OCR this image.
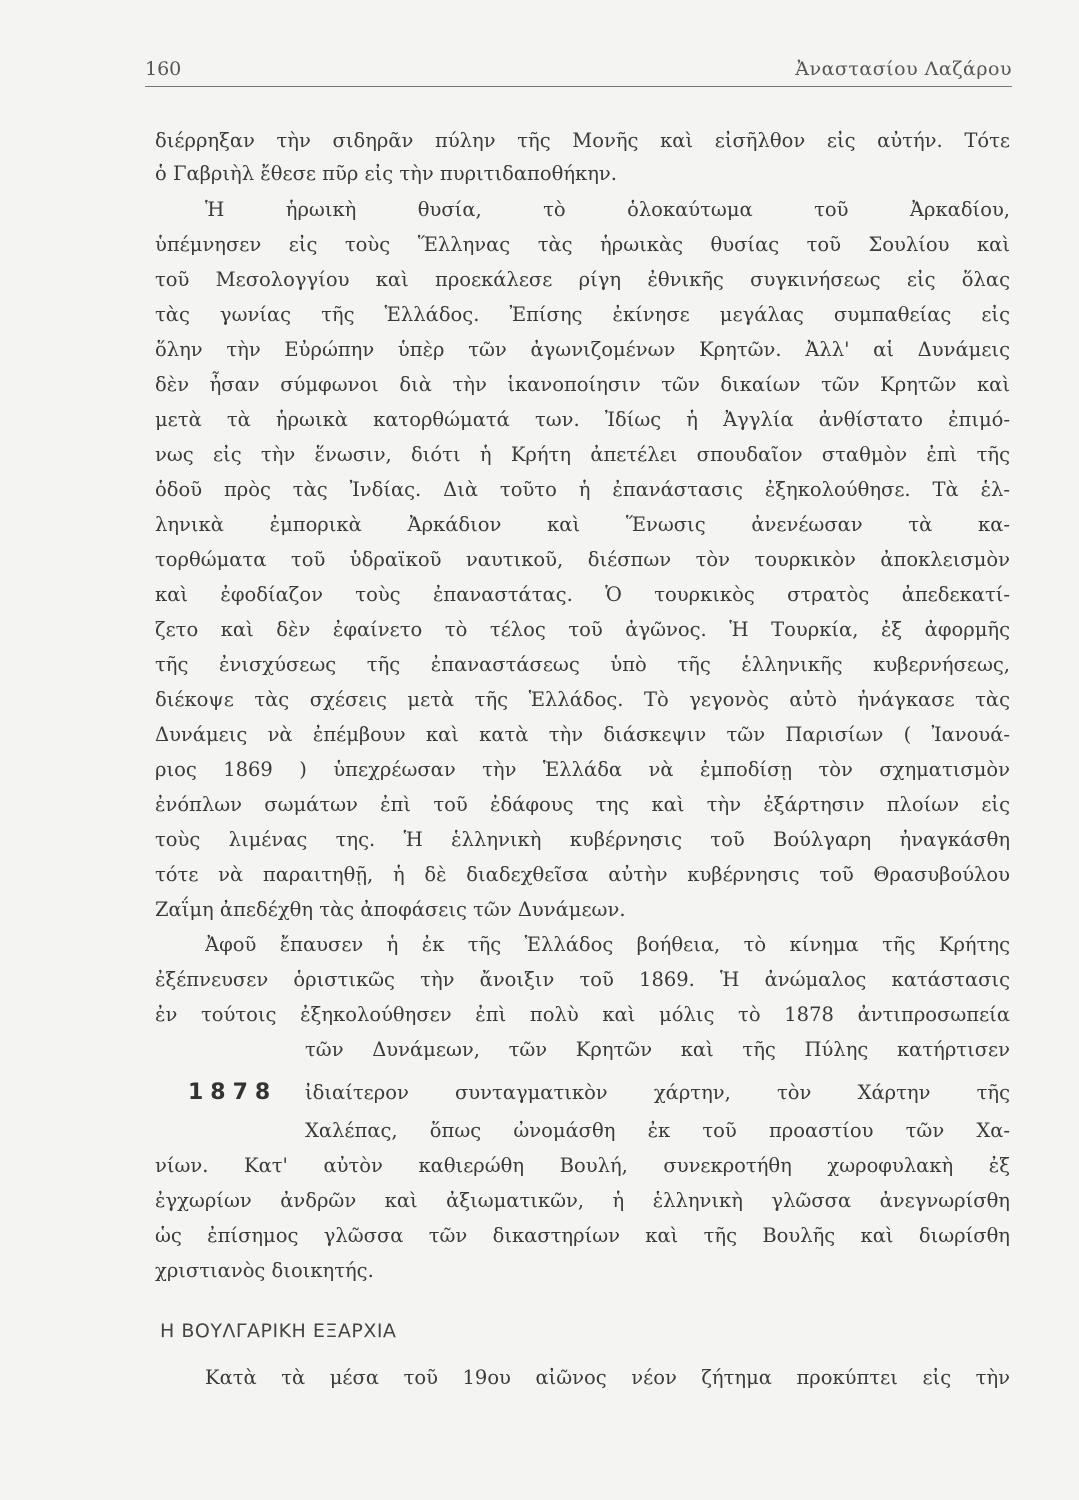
160	Ἀναστασίου Λαζάρου
διέρρηξαν τὴν σιδηρᾶν πύλην τῆς Μονῆς καὶ εἰσῆλθον εἰς αὐτήν. Τότε
ὁ Γαβριὴλ ἔθεσε πῦρ εἰς τὴν πυριτιδαποθήκην.
Ἡ ἡρωικὴ θυσία, τὸ ὁλοκαύτωμα τοῦ Ἀρκαδίου,
ὑπέμνησεν εἰς τοὺς Ἕλληνας τὰς ἡρωικὰς θυσίας τοῦ Σουλίου καὶ
τοῦ Μεσολογγίου καὶ προεκάλεσε ρίγη ἐθνικῆς συγκινήσεως εἰς ὅλας
τὰς γωνίας τῆς Ἑλλάδος. Ἐπίσης ἐκίνησε μεγάλας συμπαθείας εἰς
ὅλην τὴν Εὐρώπην ὑπὲρ τῶν ἀγωνιζομένων Κρητῶν. Ἀλλ' αἱ Δυνάμεις
δὲν ἦσαν σύμφωνοι διὰ τὴν ἱκανοποίησιν τῶν δικαίων τῶν Κρητῶν καὶ
μετὰ τὰ ἡρωικὰ κατορθώματά των. Ἰδίως ἡ Ἀγγλία ἀνθίστατο ἐπιμό-
νως εἰς τὴν ἕνωσιν, διότι ἡ Κρήτη ἀπετέλει σπουδαῖον σταθμὸν ἐπὶ τῆς
ὁδοῦ πρὸς τὰς Ἰνδίας. Διὰ τοῦτο ἡ ἐπανάστασις ἐξηκολούθησε. Τὰ ἑλ-
ληνικὰ ἐμπορικὰ Ἀρκάδιον καὶ Ἕνωσις ἀνενέωσαν τὰ κα-
τορθώματα τοῦ ὑδραϊκοῦ ναυτικοῦ, διέσπων τὸν τουρκικὸν ἀποκλεισμὸν
καὶ ἐφοδίαζον τοὺς ἐπαναστάτας. Ὁ τουρκικὸς στρατὸς ἀπεδεκατί-
ζετο καὶ δὲν ἐφαίνετο τὸ τέλος τοῦ ἀγῶνος. Ἡ Τουρκία, ἐξ ἀφορμῆς
τῆς ἐνισχύσεως τῆς ἐπαναστάσεως ὑπὸ τῆς ἑλληνικῆς κυβερνήσεως,
διέκοψε τὰς σχέσεις μετὰ τῆς Ἑλλάδος. Τὸ γεγονὸς αὐτὸ ἠνάγκασε τὰς
Δυνάμεις νὰ ἐπέμβουν καὶ κατὰ τὴν διάσκεψιν τῶν Παρισίων ( Ἰανουά-
ριος 1869 ) ὑπεχρέωσαν τὴν Ἑλλάδα νὰ ἐμποδίσῃ τὸν σχηματισμὸν
ἐνόπλων σωμάτων ἐπὶ τοῦ ἐδάφους της καὶ τὴν ἐξάρτησιν πλοίων εἰς
τοὺς λιμένας της. Ἡ ἑλληνικὴ κυβέρνησις τοῦ Βούλγαρη ἠναγκάσθη
τότε νὰ παραιτηθῇ, ἡ δὲ διαδεχθεῖσα αὐτὴν κυβέρνησις τοῦ Θρασυβούλου
Ζαΐμη ἀπεδέχθη τὰς ἀποφάσεις τῶν Δυνάμεων.
Ἀφοῦ ἔπαυσεν ἡ ἐκ τῆς Ἑλλάδος βοήθεια, τὸ κίνημα τῆς Κρήτης
ἐξέπνευσεν ὁριστικῶς τὴν ἄνοιξιν τοῦ 1869. Ἡ ἀνώμαλος κατάστασις
ἐν τούτοις ἐξηκολούθησεν ἐπὶ πολὺ καὶ μόλις τὸ 1878 ἀντιπροσωπεία
τῶν Δυνάμεων, τῶν Κρητῶν καὶ τῆς Πύλης κατήρτισεν
ἰδιαίτερον συνταγματικὸν χάρτην, τὸν Χάρτην τῆς
Χαλέπας, ὅπως ὠνομάσθη ἐκ τοῦ προαστίου τῶν Χα-
νίων. Κατ' αὐτὸν καθιερώθη Βουλή, συνεκροτήθη χωροφυλακὴ ἐξ
ἐγχωρίων ἀνδρῶν καὶ ἀξιωματικῶν, ἡ ἑλληνικὴ γλῶσσα ἀνεγνωρίσθη
ὡς ἐπίσημος γλῶσσα τῶν δικαστηρίων καὶ τῆς Βουλῆς καὶ διωρίσθη
χριστιανὸς διοικητής.
1878
Η ΒΟΥΛΓΑΡΙΚΗ ΕΞΑΡΧΙΑ
Κατὰ τὰ μέσα τοῦ 19ου αἰῶνος νέον ζήτημα προκύπτει εἰς τὴν
